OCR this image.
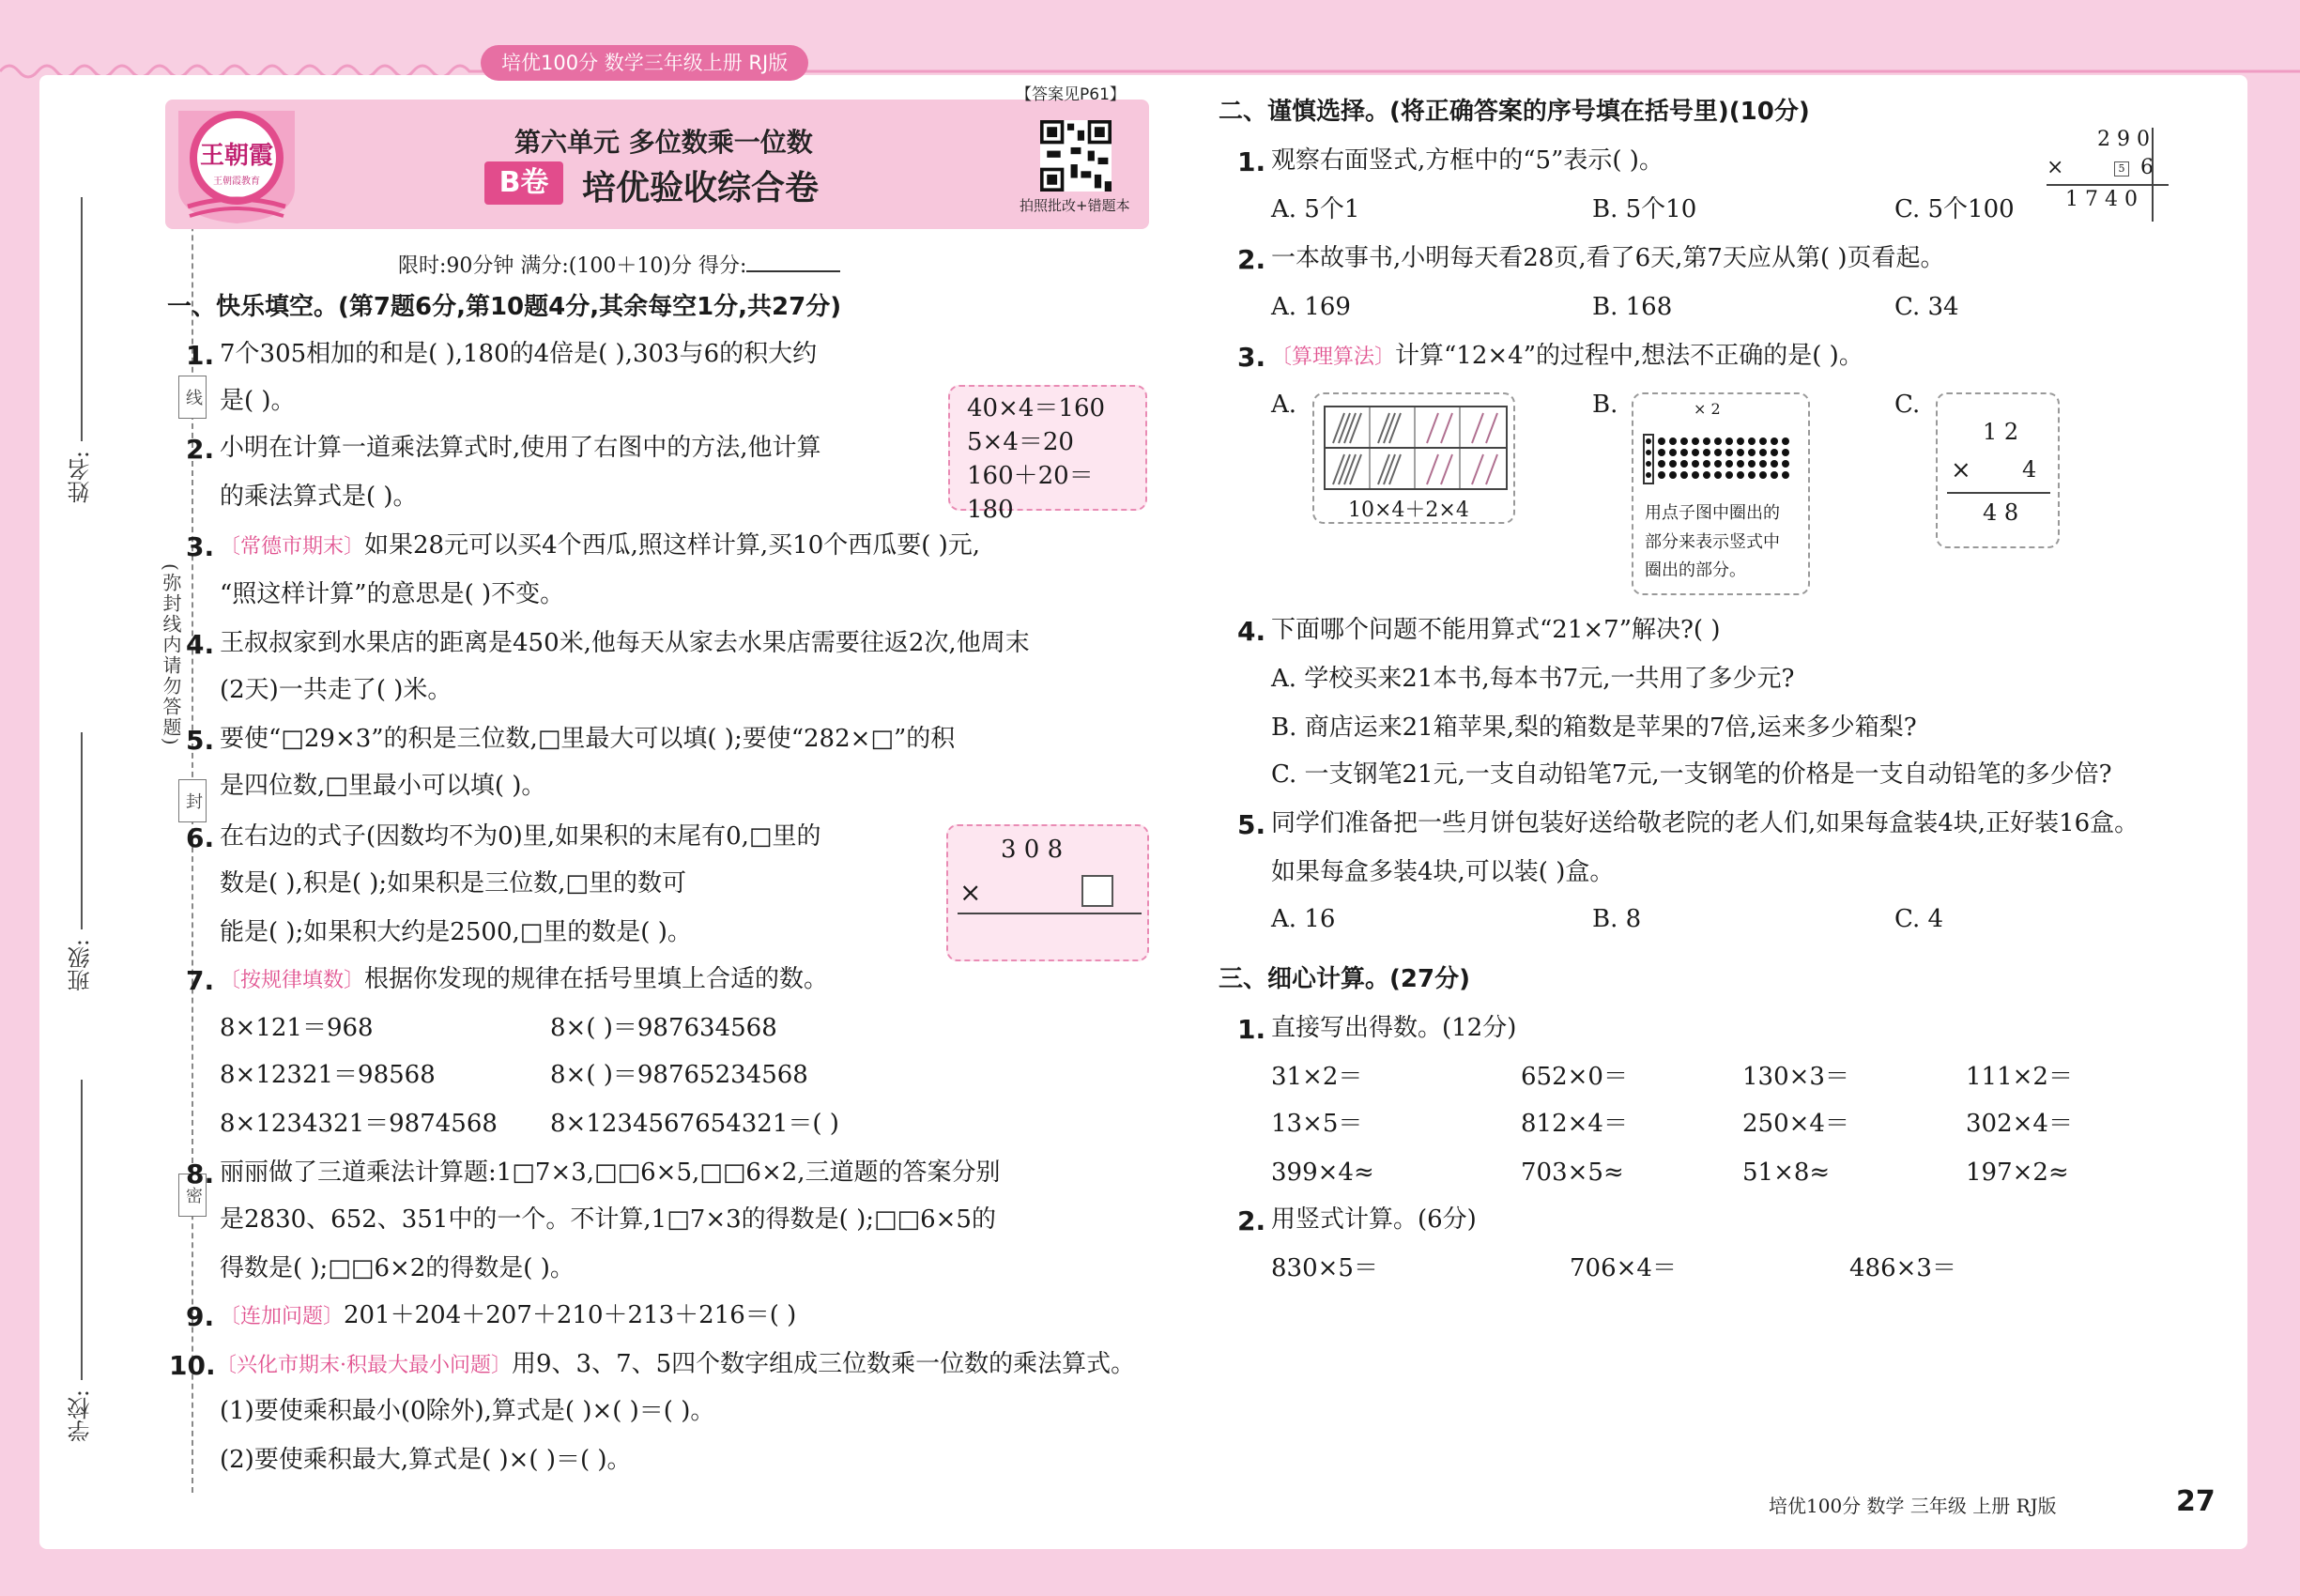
培优100分 数学三年级上册 RJ版
姓名:
班级:
学校:
线
封
密
(弥封线内请勿答题)
王朝霞
王朝霞教育
【答案见P61】
第六单元 多位数乘一位数
B卷 培优验收综合卷	拍照批改+错题本
限时:90分钟 满分:(100＋10)分 得分:
一、快乐填空。(第7题6分,第10题4分,其余每空1分,共27分)
1. 7个305相加的和是( ),180的4倍是( ),303与6的积大约
是( )。
2. 小明在计算一道乘法算式时,使用了右图中的方法,他计算
的乘法算式是( )。
40×4＝160
5×4＝20
160＋20＝180
3. 〔常德市期末〕如果28元可以买4个西瓜,照这样计算,买10个西瓜要( )元,
“照这样计算”的意思是( )不变。
4. 王叔叔家到水果店的距离是450米,他每天从家去水果店需要往返2次,他周末
(2天)一共走了( )米。
5. 要使“□29×3”的积是三位数,□里最大可以填( );要使“282×□”的积
是四位数,□里最小可以填( )。
6. 在右边的式子(因数均不为0)里,如果积的末尾有0,□里的
数是( ),积是( );如果积是三位数,□里的数可
能是( );如果积大约是2500,□里的数是( )。
3 0 8
×
7. 〔按规律填数〕根据你发现的规律在括号里填上合适的数。
8×121＝968	8×( )＝987634568
8×12321＝98568	8×( )＝98765234568
8×1234321＝9874568 8×1234567654321＝( )
8. 丽丽做了三道乘法计算题:1□7×3,□□6×5,□□6×2,三道题的答案分别
是2830、652、351中的一个。不计算,1□7×3的得数是( );□□6×5的
得数是( );□□6×2的得数是( )。
9. 〔连加问题〕201＋204＋207＋210＋213＋216＝( )
10. 〔兴化市期末·积最大最小问题〕用9、3、7、5四个数字组成三位数乘一位数的乘法算式。
(1)要使乘积最小(0除外),算式是( )×( )＝( )。
(2)要使乘积最大,算式是( )×( )＝( )。
二、谨慎选择。(将正确答案的序号填在括号里)(10分)
1. 观察右面竖式,方框中的“5”表示( )。
A. 5个1	B. 5个10	C. 5个100
2 9 0
×	5 6
1 7 4 0
2. 一本故事书,小明每天看28页,看了6天,第7天应从第( )页看起。
A. 169	B. 168	C. 34
3. 〔算理算法〕计算“12×4”的过程中,想法不正确的是( )。
A.	B.	C.
10×4＋2×4
× 2
用点子图中圈出的
部分来表示竖式中
圈出的部分。
1 2
× 4
4 8
4. 下面哪个问题不能用算式“21×7”解决?( )
A. 学校买来21本书,每本书7元,一共用了多少元?
B. 商店运来21箱苹果,梨的箱数是苹果的7倍,运来多少箱梨?
C. 一支钢笔21元,一支自动铅笔7元,一支钢笔的价格是一支自动铅笔的多少倍?
5. 同学们准备把一些月饼包装好送给敬老院的老人们,如果每盒装4块,正好装16盒。
如果每盒多装4块,可以装( )盒。
A. 16	B. 8	C. 4
三、细心计算。(27分)
1. 直接写出得数。(12分)
31×2＝	652×0＝	130×3＝	111×2＝
13×5＝	812×4＝	250×4＝	302×4＝
399×4≈	703×5≈	51×8≈	197×2≈
2. 用竖式计算。(6分)
830×5＝	706×4＝	486×3＝
培优100分 数学 三年级 上册 RJ版	27
